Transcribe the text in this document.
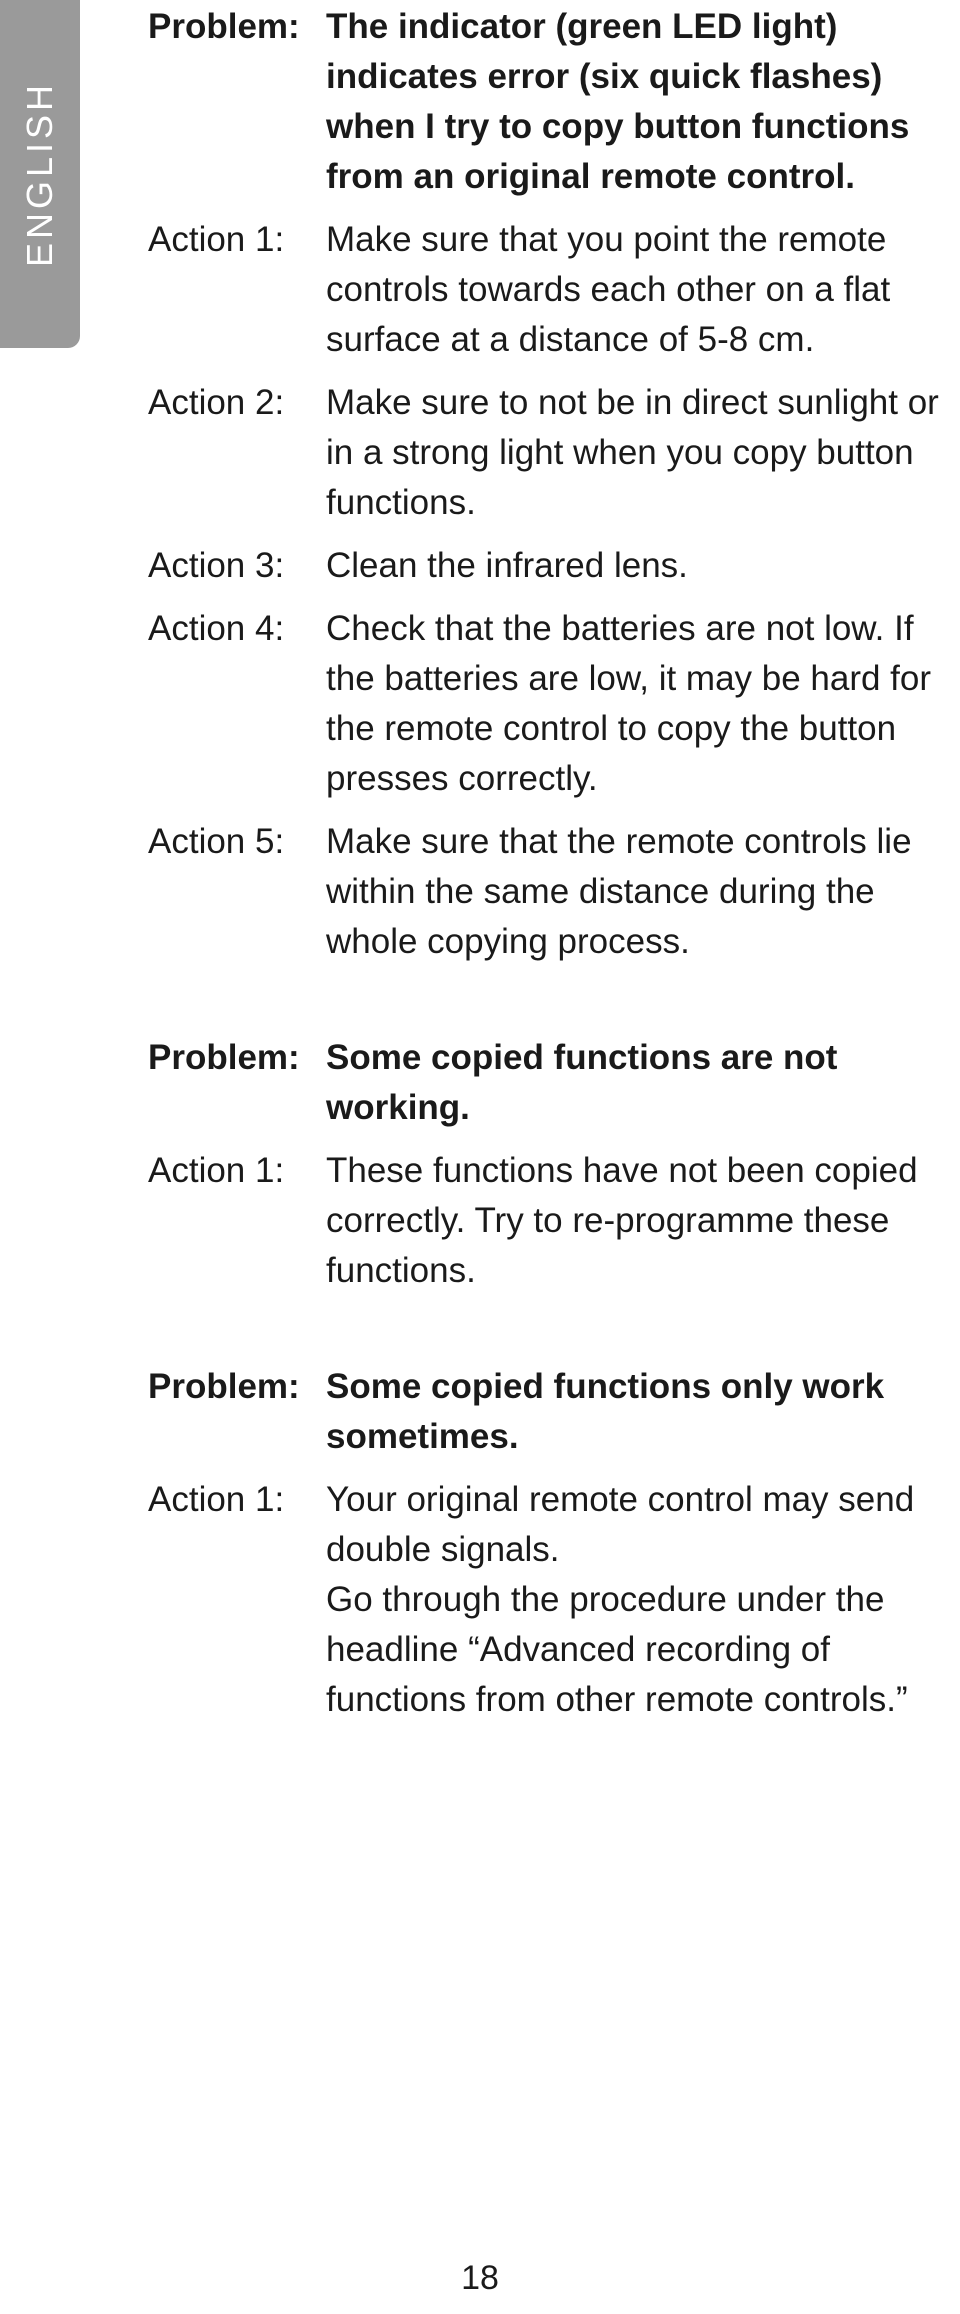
ENGLISH
Problem: The indicator (green LED light) indicates error (six quick flashes) when I try to copy button functions from an original remote control.
Action 1:	Make sure that you point the remote controls towards each other on a flat surface at a distance of 5-8 cm.
Action 2:	Make sure to not be in direct sunlight or in a strong light when you copy button functions.
Action 3:	Clean the infrared lens.
Action 4:	Check that the batteries are not low. If the batteries are low, it may be hard for the remote control to copy the button presses correctly.
Action 5:	Make sure that the remote controls lie within the same distance during the whole copying process.
Problem: Some copied functions are not working.
Action 1:	These functions have not been copied correctly. Try to re-programme these functions.
Problem: Some copied functions only work sometimes.
Action 1:	Your original remote control may send double signals.
Go through the procedure under the headline “Advanced recording of functions from other remote controls.”
18
